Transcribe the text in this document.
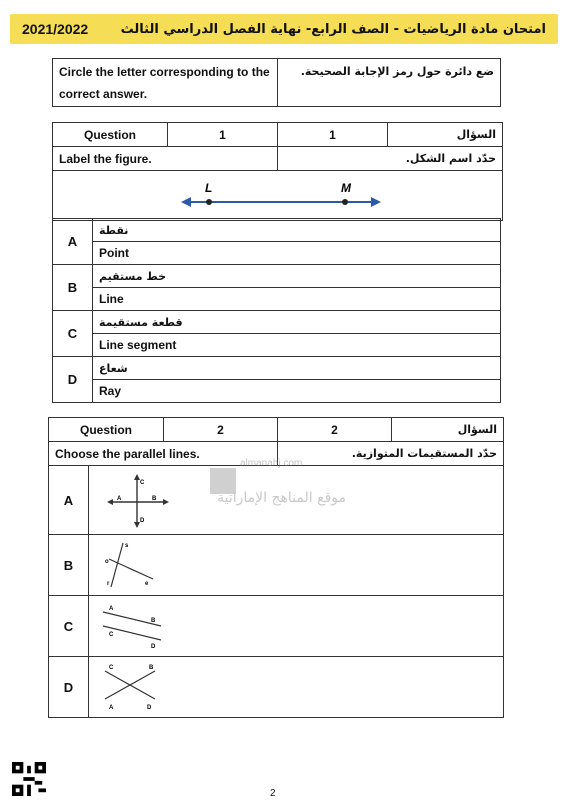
2021/2022 امتحان مادة الرياضيات - الصف الرابع- نهاية الفصل الدراسي الثالث
Circle the letter corresponding to the correct answer.	ضع دائرة حول رمز الإجابة الصحيحة.
Question	1	1	السؤال
Label the figure.		حدّد اسم الشكل.	

L M			
A	نقطة

	Point
B	خط مستقيم

	Line
C	قطعة مستقيمة

	Line segment
D	شعاع

	Ray
Question	2	2	السؤال
Choose the parallel lines.		حدّد المستقيمات المتوازية.	
A	C
A B
D

B	s
o
r e

C	A
B
C
D

D	C B
A D
almanahj.com
موقع المناهج الإماراتية
2
